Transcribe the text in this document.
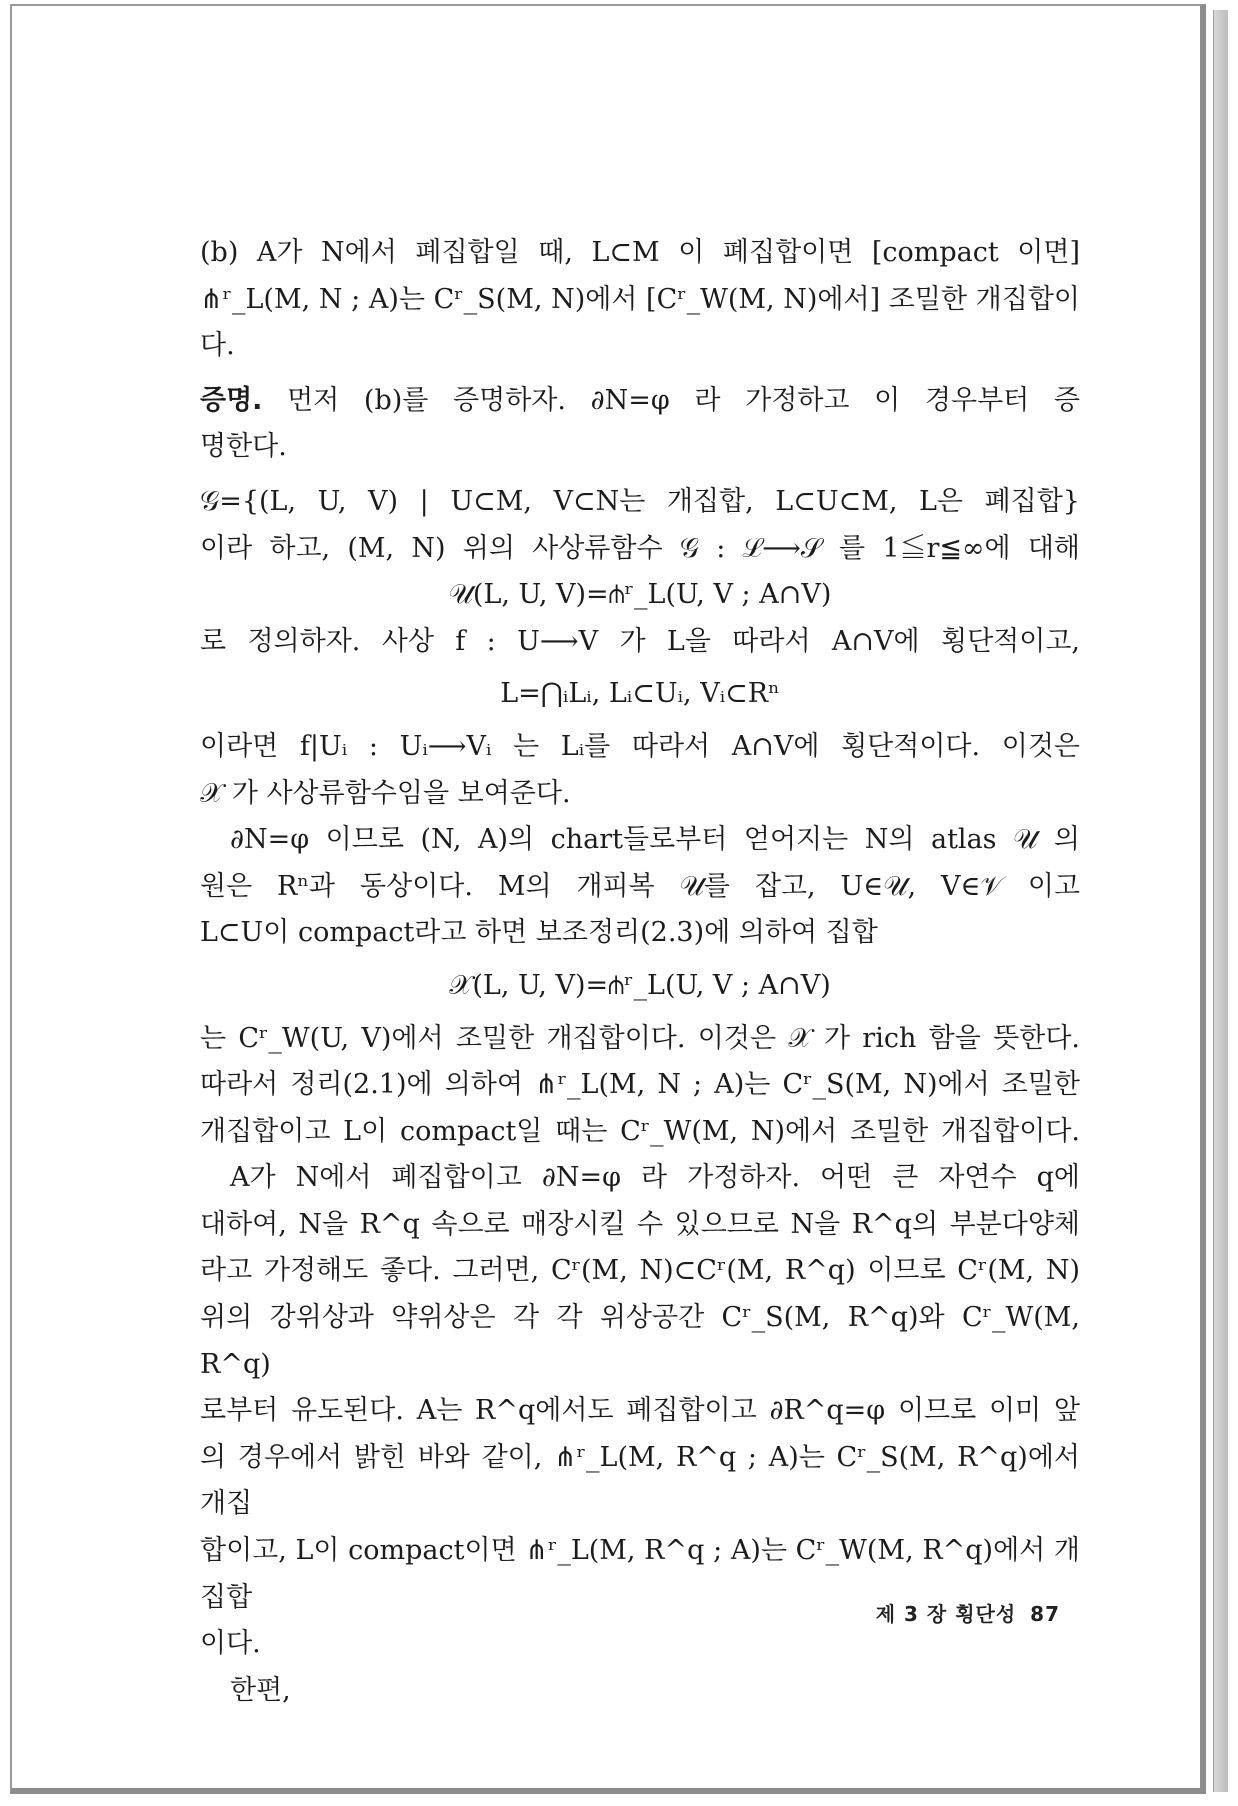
(b) A가 N에서 폐집합일 때, L⊂M 이 폐집합이면 [compact 이면]
⋔ʳ_L(M, N ; A)는 Cʳ_S(M, N)에서 [Cʳ_W(M, N)에서] 조밀한 개집합이다.
증명. 먼저 (b)를 증명하자. ∂N=φ 라 가정하고 이 경우부터 증
명한다.
𝒢={(L, U, V) | U⊂M, V⊂N는 개집합, L⊂U⊂M, L은 폐집합}
이라 하고, (M, N) 위의 사상류함수 𝒢 : ℒ⟶𝒮 를 1≦r≦∞에 대해
𝒰(L, U, V)=⋔ʳ_L(U, V ; A∩V)
로 정의하자. 사상 f : U⟶V 가 L을 따라서 A∩V에 횡단적이고,
L=⋂ᵢLᵢ, Lᵢ⊂Uᵢ, Vᵢ⊂Rⁿ
이라면 f|Uᵢ : Uᵢ⟶Vᵢ 는 Lᵢ를 따라서 A∩V에 횡단적이다. 이것은
𝒳 가 사상류함수임을 보여준다.
∂N=φ 이므로 (N, A)의 chart들로부터 얻어지는 N의 atlas 𝒰 의
원은 Rⁿ과 동상이다. M의 개피복 𝒰를 잡고, U∈𝒰, V∈𝒱 이고
L⊂U이 compact라고 하면 보조정리(2.3)에 의하여 집합
𝒳(L, U, V)=⋔ʳ_L(U, V ; A∩V)
는 Cʳ_W(U, V)에서 조밀한 개집합이다. 이것은 𝒳 가 rich 함을 뜻한다.
따라서 정리(2.1)에 의하여 ⋔ʳ_L(M, N ; A)는 Cʳ_S(M, N)에서 조밀한
개집합이고 L이 compact일 때는 Cʳ_W(M, N)에서 조밀한 개집합이다.
A가 N에서 폐집합이고 ∂N=φ 라 가정하자. 어떤 큰 자연수 q에
대하여, N을 R^q 속으로 매장시킬 수 있으므로 N을 R^q의 부분다양체
라고 가정해도 좋다. 그러면, Cʳ(M, N)⊂Cʳ(M, R^q) 이므로 Cʳ(M, N)
위의 강위상과 약위상은 각 각 위상공간 Cʳ_S(M, R^q)와 Cʳ_W(M, R^q)
로부터 유도된다. A는 R^q에서도 폐집합이고 ∂R^q=φ 이므로 이미 앞
의 경우에서 밝힌 바와 같이, ⋔ʳ_L(M, R^q ; A)는 Cʳ_S(M, R^q)에서 개집
합이고, L이 compact이면 ⋔ʳ_L(M, R^q ; A)는 Cʳ_W(M, R^q)에서 개집합
이다.
한편,
제 3 장 횡단성 87
